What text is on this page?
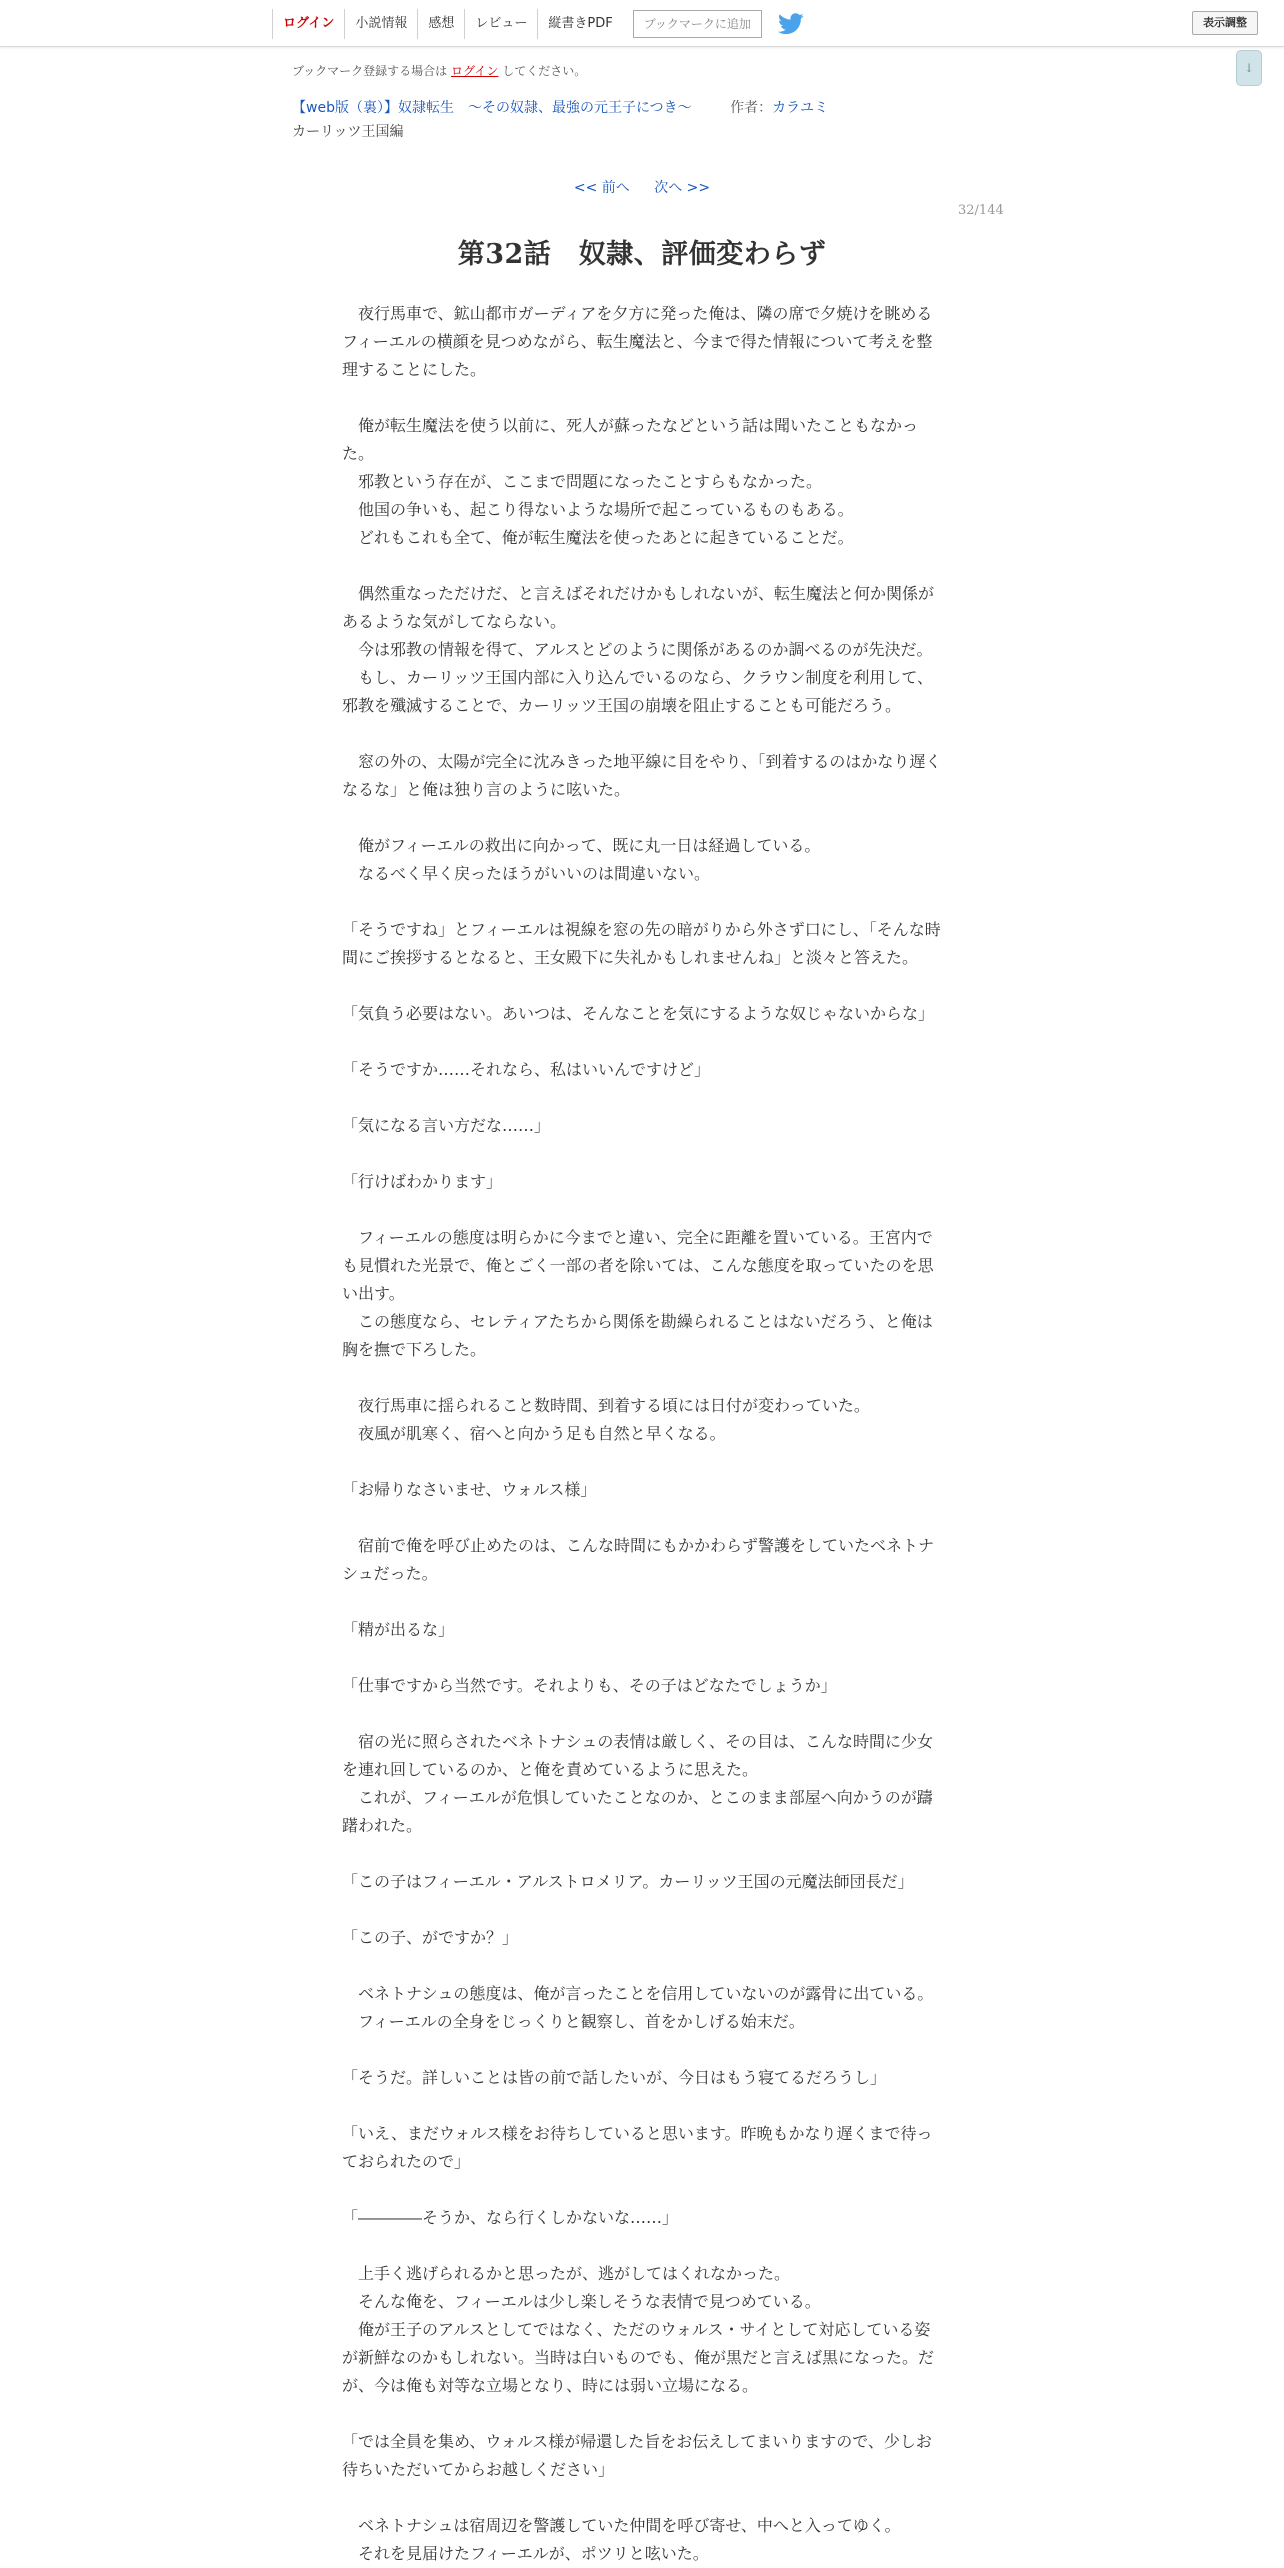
ログイン	小説情報	感想	レビュー	縦書きPDF	ブックマークに追加	表示調整
↓
ブックマーク登録する場合は ログイン してください。
【web版（裏）】奴隷転生　～その奴隷、最強の元王子につき～	作者：カラユミ
カーリッツ王国編
<< 前へ 次へ >>
32/144
第32話　奴隷、評価変わらず

　夜行馬車で、鉱山都市ガーディアを夕方に発った俺は、隣の席で夕焼けを眺めるフィーエルの横顔を見つめながら、転生魔法と、今まで得た情報について考えを整理することにした。

　俺が転生魔法を使う以前に、死人が蘇ったなどという話は聞いたこともなかった。

　邪教という存在が、ここまで問題になったことすらもなかった。

　他国の争いも、起こり得ないような場所で起こっているものもある。

　どれもこれも全て、俺が転生魔法を使ったあとに起きていることだ。

　偶然重なっただけだ、と言えばそれだけかもしれないが、転生魔法と何か関係があるような気がしてならない。

　今は邪教の情報を得て、アルスとどのように関係があるのか調べるのが先決だ。

　もし、カーリッツ王国内部に入り込んでいるのなら、クラウン制度を利用して、邪教を殲滅することで、カーリッツ王国の崩壊を阻止することも可能だろう。

　窓の外の、太陽が完全に沈みきった地平線に目をやり、「到着するのはかなり遅くなるな」と俺は独り言のように呟いた。

　俺がフィーエルの救出に向かって、既に丸一日は経過している。

　なるべく早く戻ったほうがいいのは間違いない。

「そうですね」とフィーエルは視線を窓の先の暗がりから外さず口にし、「そんな時間にご挨拶するとなると、王女殿下に失礼かもしれませんね」と淡々と答えた。

「気負う必要はない。あいつは、そんなことを気にするような奴じゃないからな」

「そうですか……それなら、私はいいんですけど」

「気になる言い方だな……」

「行けばわかります」

　フィーエルの態度は明らかに今までと違い、完全に距離を置いている。王宮内でも見慣れた光景で、俺とごく一部の者を除いては、こんな態度を取っていたのを思い出す。

　この態度なら、セレティアたちから関係を勘繰られることはないだろう、と俺は胸を撫で下ろした。

　夜行馬車に揺られること数時間、到着する頃には日付が変わっていた。

　夜風が肌寒く、宿へと向かう足も自然と早くなる。

「お帰りなさいませ、ウォルス様」

　宿前で俺を呼び止めたのは、こんな時間にもかかわらず警護をしていたベネトナシュだった。

「精が出るな」

「仕事ですから当然です。それよりも、その子はどなたでしょうか」

　宿の光に照らされたベネトナシュの表情は厳しく、その目は、こんな時間に少女を連れ回しているのか、と俺を責めているように思えた。

　これが、フィーエルが危惧していたことなのか、とこのまま部屋へ向かうのが躊躇われた。

「この子はフィーエル・アルストロメリア。カーリッツ王国の元魔法師団長だ」

「この子、がですか？」

　ベネトナシュの態度は、俺が言ったことを信用していないのが露骨に出ている。

　フィーエルの全身をじっくりと観察し、首をかしげる始末だ。

「そうだ。詳しいことは皆の前で話したいが、今日はもう寝てるだろうし」

「いえ、まだウォルス様をお待ちしていると思います。昨晩もかなり遅くまで待っておられたので」

「――――そうか、なら行くしかないな……」

　上手く逃げられるかと思ったが、逃がしてはくれなかった。

　そんな俺を、フィーエルは少し楽しそうな表情で見つめている。

　俺が王子のアルスとしてではなく、ただのウォルス・サイとして対応している姿が新鮮なのかもしれない。当時は白いものでも、俺が黒だと言えば黒になった。だが、今は俺も対等な立場となり、時には弱い立場になる。

「では全員を集め、ウォルス様が帰還した旨をお伝えしてまいりますので、少しお待ちいただいてからお越しください」

　ベネトナシュは宿周辺を警護していた仲間を呼び寄せ、中へと入ってゆく。

　それを見届けたフィーエルが、ポツリと呟いた。
